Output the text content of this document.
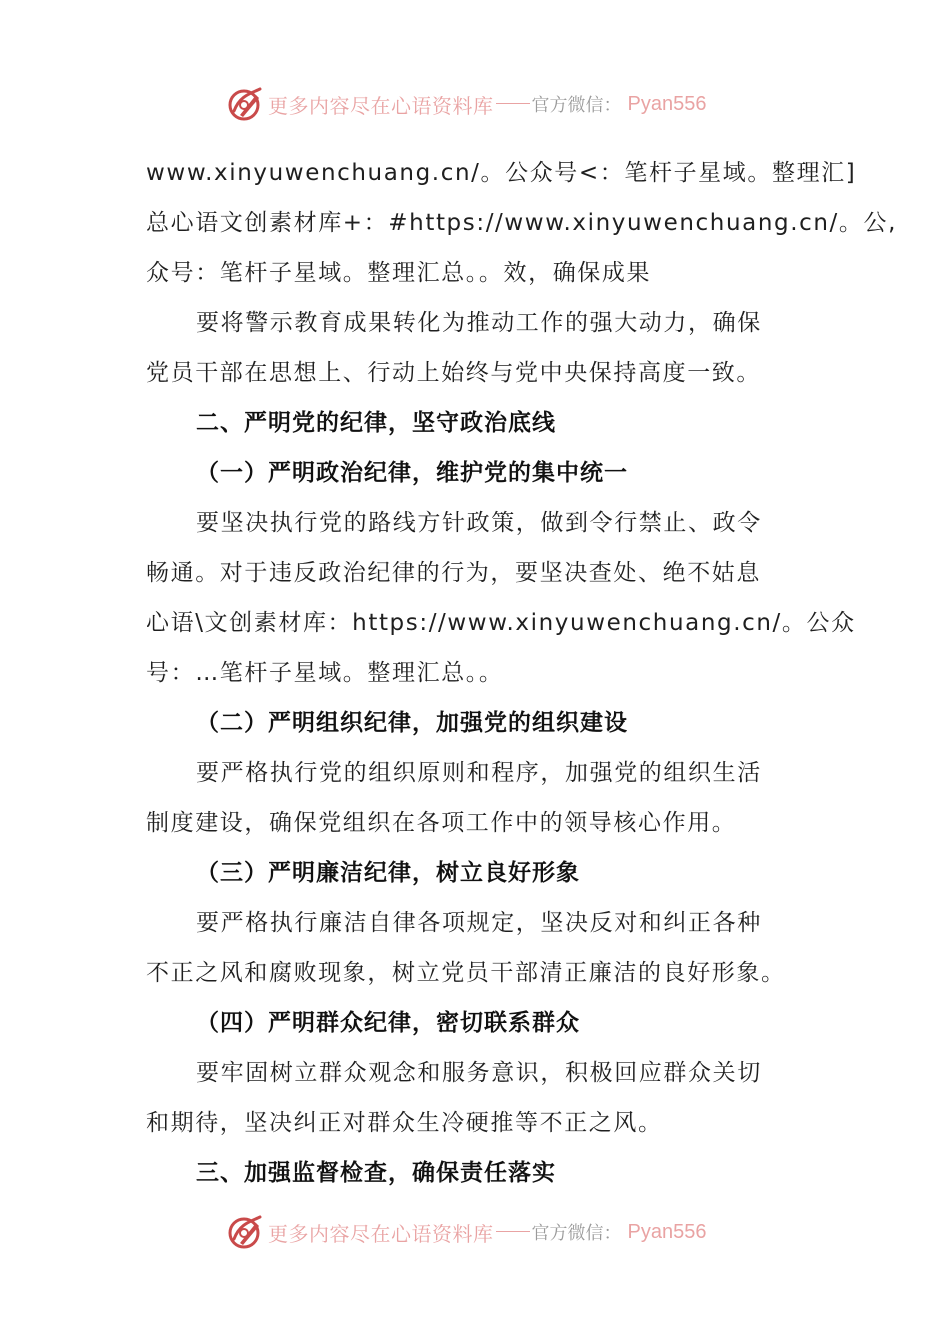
更多内容尽在心语资料库 官方微信： Pyan556
www.xinyuwenchuang.cn/。公众号<：笔杆子星域。整理汇]
总心语文创素材库+：#https://www.xinyuwenchuang.cn/。公,
众号：笔杆子星域。整理汇总。。效，确保成果
要将警示教育成果转化为推动工作的强大动力，确保
党员干部在思想上、行动上始终与党中央保持高度一致。
二、严明党的纪律，坚守政治底线
（一）严明政治纪律，维护党的集中统一
要坚决执行党的路线方针政策，做到令行禁止、政令
畅通。对于违反政治纪律的行为，要坚决查处、绝不姑息
心语\文创素材库：https://www.xinyuwenchuang.cn/。公众
号：…笔杆子星域。整理汇总。。
（二）严明组织纪律，加强党的组织建设
要严格执行党的组织原则和程序，加强党的组织生活
制度建设，确保党组织在各项工作中的领导核心作用。
（三）严明廉洁纪律，树立良好形象
要严格执行廉洁自律各项规定，坚决反对和纠正各种
不正之风和腐败现象，树立党员干部清正廉洁的良好形象。
（四）严明群众纪律，密切联系群众
要牢固树立群众观念和服务意识，积极回应群众关切
和期待，坚决纠正对群众生冷硬推等不正之风。
三、加强监督检查，确保责任落实
更多内容尽在心语资料库 官方微信： Pyan556
